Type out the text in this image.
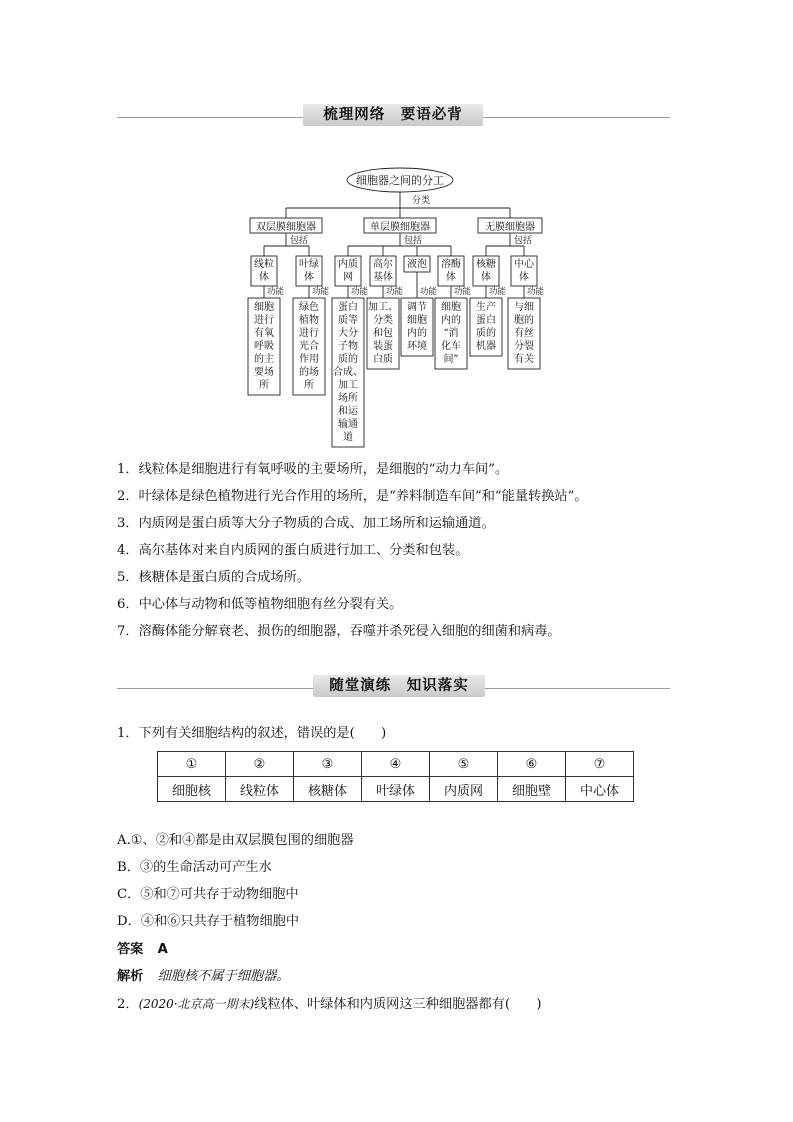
梳理网络　要语必背
细胞器之间的分工
分类
双层膜细胞器
包括
单层膜细胞器
包括
无膜细胞器
包括
线粒
体
功能
细胞
进行
有氧
呼吸
的主
要场
所
叶绿
体
功能
绿色
植物
进行
光合
作用
的场
所
内质
网
功能
蛋白
质等
大分
子物
质的
合成、
加工
场所
和运
输通
道
高尔
基体
功能
加工、
分类
和包
装蛋
白质
液泡
功能
调节
细胞
内的
环境
溶酶
体
功能
细胞
内的
“消
化车
间”
核糖
体
功能
生产
蛋白
质的
机器
中心
体
功能
与细
胞的
有丝
分裂
有关
1．线粒体是细胞进行有氧呼吸的主要场所，是细胞的“动力车间”。
2．叶绿体是绿色植物进行光合作用的场所，是“养料制造车间”和“能量转换站”。
3．内质网是蛋白质等大分子物质的合成、加工场所和运输通道。
4．高尔基体对来自内质网的蛋白质进行加工、分类和包装。
5．核糖体是蛋白质的合成场所。
6．中心体与动物和低等植物细胞有丝分裂有关。
7．溶酶体能分解衰老、损伤的细胞器，吞噬并杀死侵入细胞的细菌和病毒。
随堂演练　知识落实
1．下列有关细胞结构的叙述，错误的是(　　)
①	②	③	④	⑤	⑥	⑦
细胞核	线粒体	核糖体	叶绿体	内质网	细胞壁	中心体
A.①、②和④都是由双层膜包围的细胞器
B．③的生命活动可产生水
C．⑤和⑦可共存于动物细胞中
D．④和⑥只共存于植物细胞中
答案 A
解析 细胞核不属于细胞器。
2．(2020·北京高一期末)线粒体、叶绿体和内质网这三种细胞器都有(　　)
